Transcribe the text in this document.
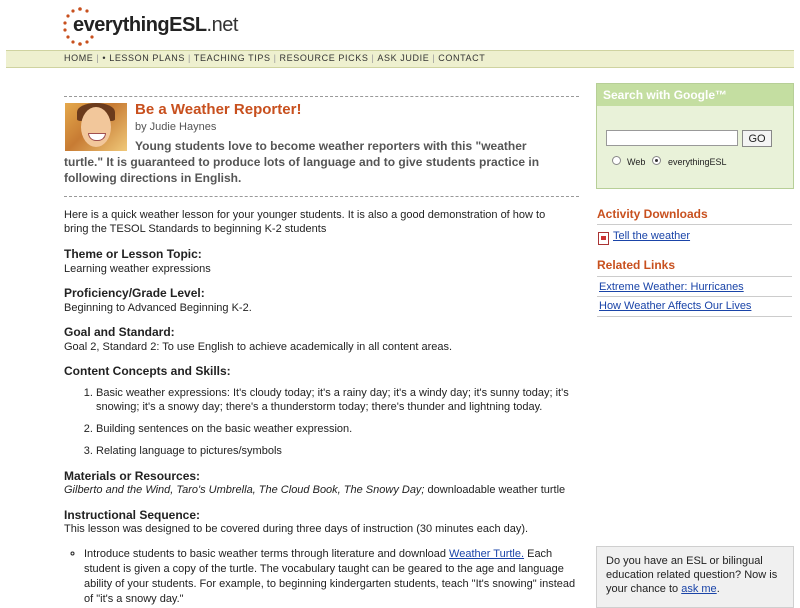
everythingESL.net
HOME | • LESSON PLANS | TEACHING TIPS | RESOURCE PICKS | ASK JUDIE | CONTACT
Be a Weather Reporter!
by Judie Haynes
Young students love to become weather reporters with this "weather turtle." It is guaranteed to produce lots of language and to give students practice in following directions in English.
Here is a quick weather lesson for your younger students. It is also a good demonstration of how to bring the TESOL Standards to beginning K-2 students
Theme or Lesson Topic:
Learning weather expressions
Proficiency/Grade Level:
Beginning to Advanced Beginning K-2.
Goal and Standard:
Goal 2, Standard 2: To use English to achieve academically in all content areas.
Content Concepts and Skills:
1. Basic weather expressions: It's cloudy today; it's a rainy day; it's a windy day; it's sunny today; it's snowing; it's a snowy day; there's a thunderstorm today; there's thunder and lightning today.
2. Building sentences on the basic weather expression.
3. Relating language to pictures/symbols
Materials or Resources:
Gilberto and the Wind, Taro's Umbrella, The Cloud Book, The Snowy Day; downloadable weather turtle
Instructional Sequence:
This lesson was designed to be covered during three days of instruction (30 minutes each day).
◦ Introduce students to basic weather terms through literature and download Weather Turtle. Each student is given a copy of the turtle. The vocabulary taught can be geared to the age and language ability of your students. For example, to beginning kindergarten students, teach "It's snowing" instead of "it's a snowy day."
Search with Google™
GO
Web	everythingESL
Activity Downloads
Tell the weather
Related Links
Extreme Weather: Hurricanes
How Weather Affects Our Lives
Do you have an ESL or bilingual education related question? Now is your chance to ask me.
